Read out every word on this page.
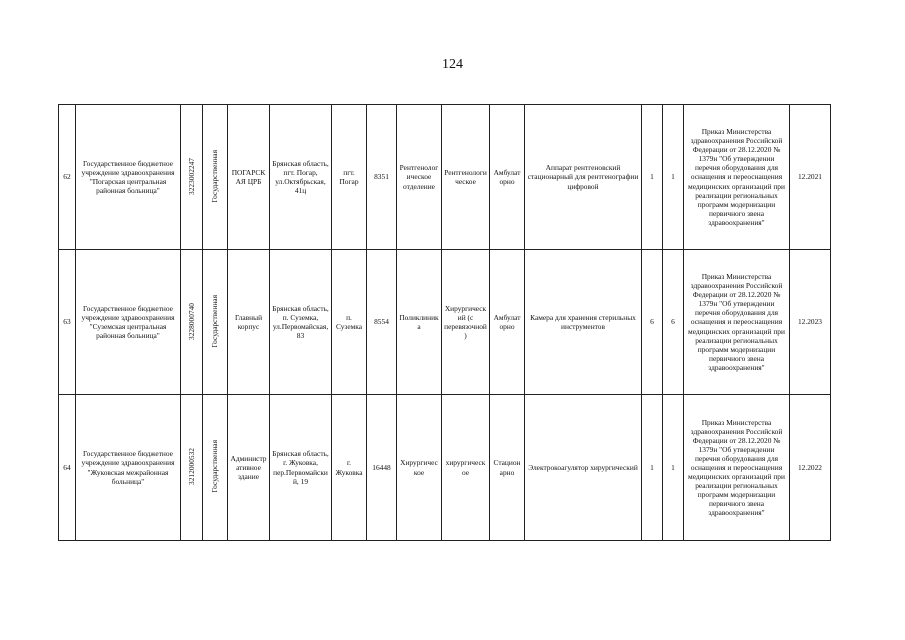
124
62	Государственное бюджетное учреждение здравоохранения "Погарская центральная районная больница"	3223002247	Государственная	ПОГАРСКАЯ ЦРБ	Брянская область, пгт. Погар, ул.Октябрьская, 41ц	пгт. Погар	8351	Рентгенологическое отделение	Рентгенологическое	Амбулаторно	Аппарат рентгеновский стационарный для рентгенографии цифровой	1	1	Приказ Министерства здравоохранения Российской Федерации от 28.12.2020 № 1379н "Об утверждении перечня оборудования для оснащения и переоснащения медицинских организаций при реализации региональных программ модернизации первичного звена здравоохранения"	12.2021
63	Государственное бюджетное учреждение здравоохранения "Суземская центральная районная больница"	3228000740	Государственная	Главный корпус	Брянская область, п. Суземка, ул.Первомайская, 83	п. Суземка	8554	Поликлиника	Хирургический (с перевязочной)	Амбулаторно	Камера для хранения стерильных инструментов	6	6	Приказ Министерства здравоохранения Российской Федерации от 28.12.2020 № 1379н "Об утверждении перечня оборудования для оснащения и переоснащения медицинских организаций при реализации региональных программ модернизации первичного звена здравоохранения"	12.2023
64	Государственное бюджетное учреждение здравоохранения "Жуковская межрайонная больница"	3212000532	Государственная	Административное здание	Брянская область, г. Жуковка, пер.Первомайский, 19	г. Жуковка	16448	Хирургическое	хирургическое	Стационарно	Электрокоагулятор хирургический	1	1	Приказ Министерства здравоохранения Российской Федерации от 28.12.2020 № 1379н "Об утверждении перечня оборудования для оснащения и переоснащения медицинских организаций при реализации региональных программ модернизации первичного звена здравоохранения"	12.2022
